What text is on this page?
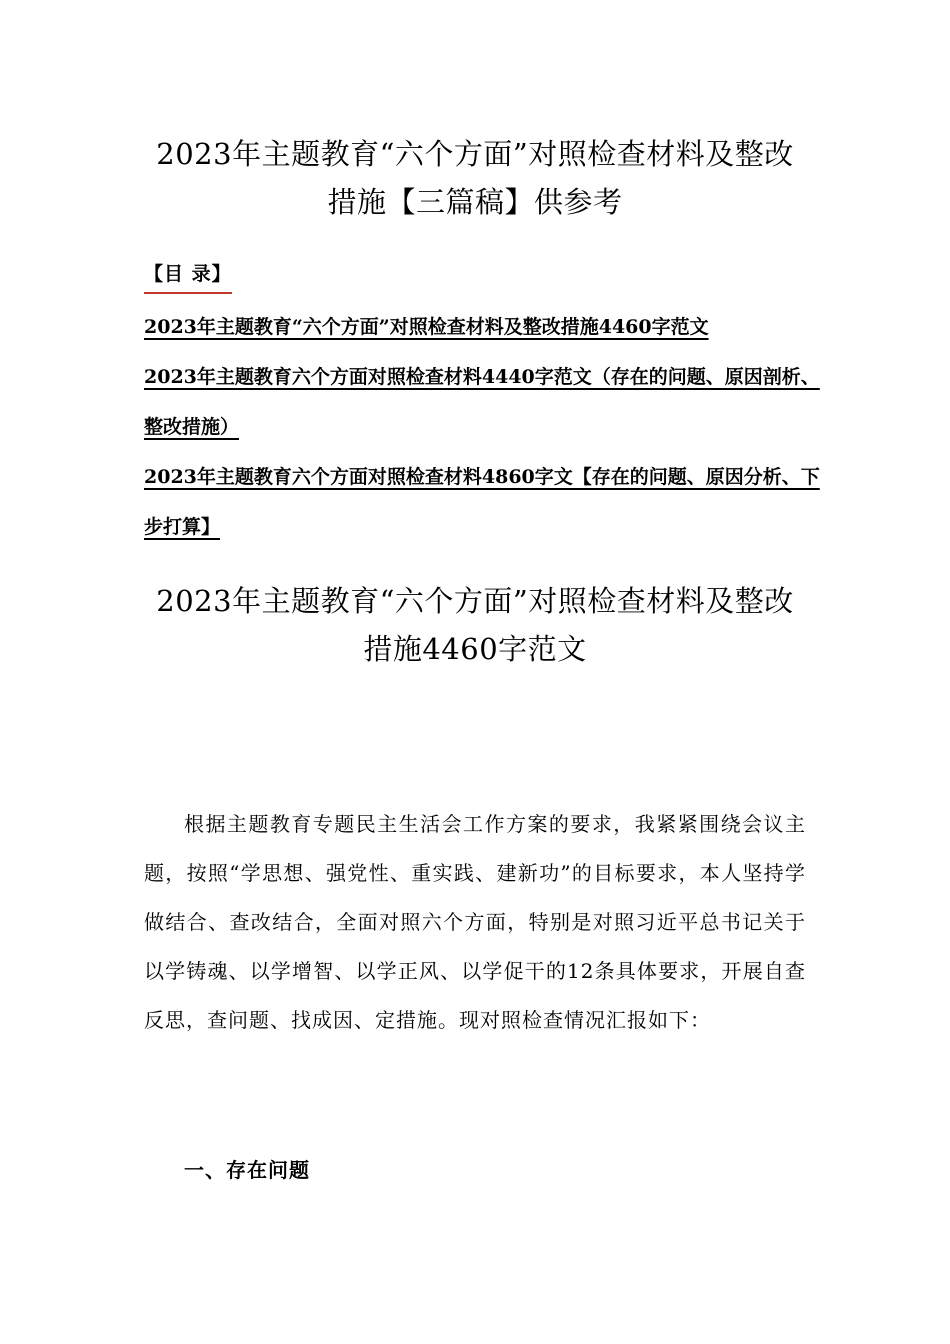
2023年主题教育“六个方面”对照检查材料及整改
措施【三篇稿】供参考
【目 录】
2023年主题教育“六个方面”对照检查材料及整改措施4460字范文
2023年主题教育六个方面对照检查材料4440字范文（存在的问题、原因剖析、整改措施）
2023年主题教育六个方面对照检查材料4860字文【存在的问题、原因分析、下步打算】
2023年主题教育“六个方面”对照检查材料及整改
措施4460字范文

根据主题教育专题民主生活会工作方案的要求，我紧紧围绕会议主题，按照“学思想、强党性、重实践、建新功”的目标要求，本人坚持学做结合、查改结合，全面对照六个方面，特别是对照习近平总书记关于以学铸魂、以学增智、以学正风、以学促干的12条具体要求，开展自查反思，查问题、找成因、定措施。现对照检查情况汇报如下：

一、存在问题
